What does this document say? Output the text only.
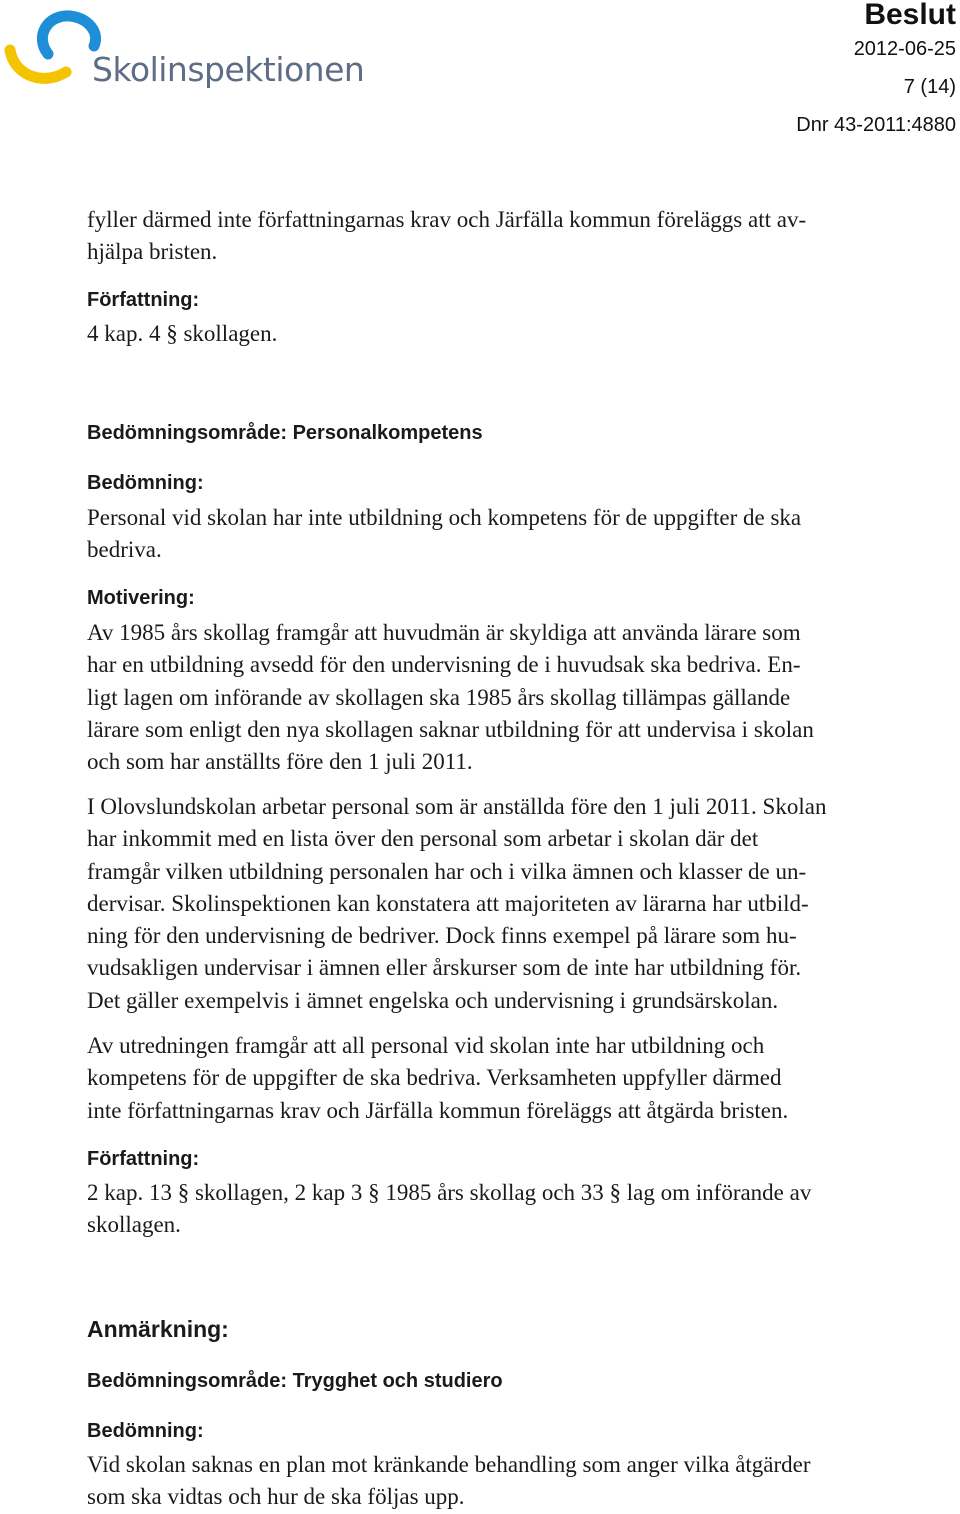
Skolinspektionen
Beslut
2012-06-25
7 (14)
Dnr 43-2011:4880

fyller därmed inte författningarnas krav och Järfälla kommun föreläggs att av-
hjälpa bristen.

Författning:

4 kap. 4 § skollagen.

Bedömningsområde: Personalkompetens

Bedömning:

Personal vid skolan har inte utbildning och kompetens för de uppgifter de ska
bedriva.

Motivering:

Av 1985 års skollag framgår att huvudmän är skyldiga att använda lärare som
har en utbildning avsedd för den undervisning de i huvudsak ska bedriva. En-
ligt lagen om införande av skollagen ska 1985 års skollag tillämpas gällande
lärare som enligt den nya skollagen saknar utbildning för att undervisa i skolan
och som har anställts före den 1 juli 2011.

I Olovslundskolan arbetar personal som är anställda före den 1 juli 2011. Skolan
har inkommit med en lista över den personal som arbetar i skolan där det
framgår vilken utbildning personalen har och i vilka ämnen och klasser de un-
dervisar. Skolinspektionen kan konstatera att majoriteten av lärarna har utbild-
ning för den undervisning de bedriver. Dock finns exempel på lärare som hu-
vudsakligen undervisar i ämnen eller årskurser som de inte har utbildning för.
Det gäller exempelvis i ämnet engelska och undervisning i grundsärskolan.

Av utredningen framgår att all personal vid skolan inte har utbildning och
kompetens för de uppgifter de ska bedriva. Verksamheten uppfyller därmed
inte författningarnas krav och Järfälla kommun föreläggs att åtgärda bristen.

Författning:

2 kap. 13 § skollagen, 2 kap 3 § 1985 års skollag och 33 § lag om införande av
skollagen.

Anmärkning:

Bedömningsområde: Trygghet och studiero

Bedömning:

Vid skolan saknas en plan mot kränkande behandling som anger vilka åtgärder
som ska vidtas och hur de ska följas upp.
